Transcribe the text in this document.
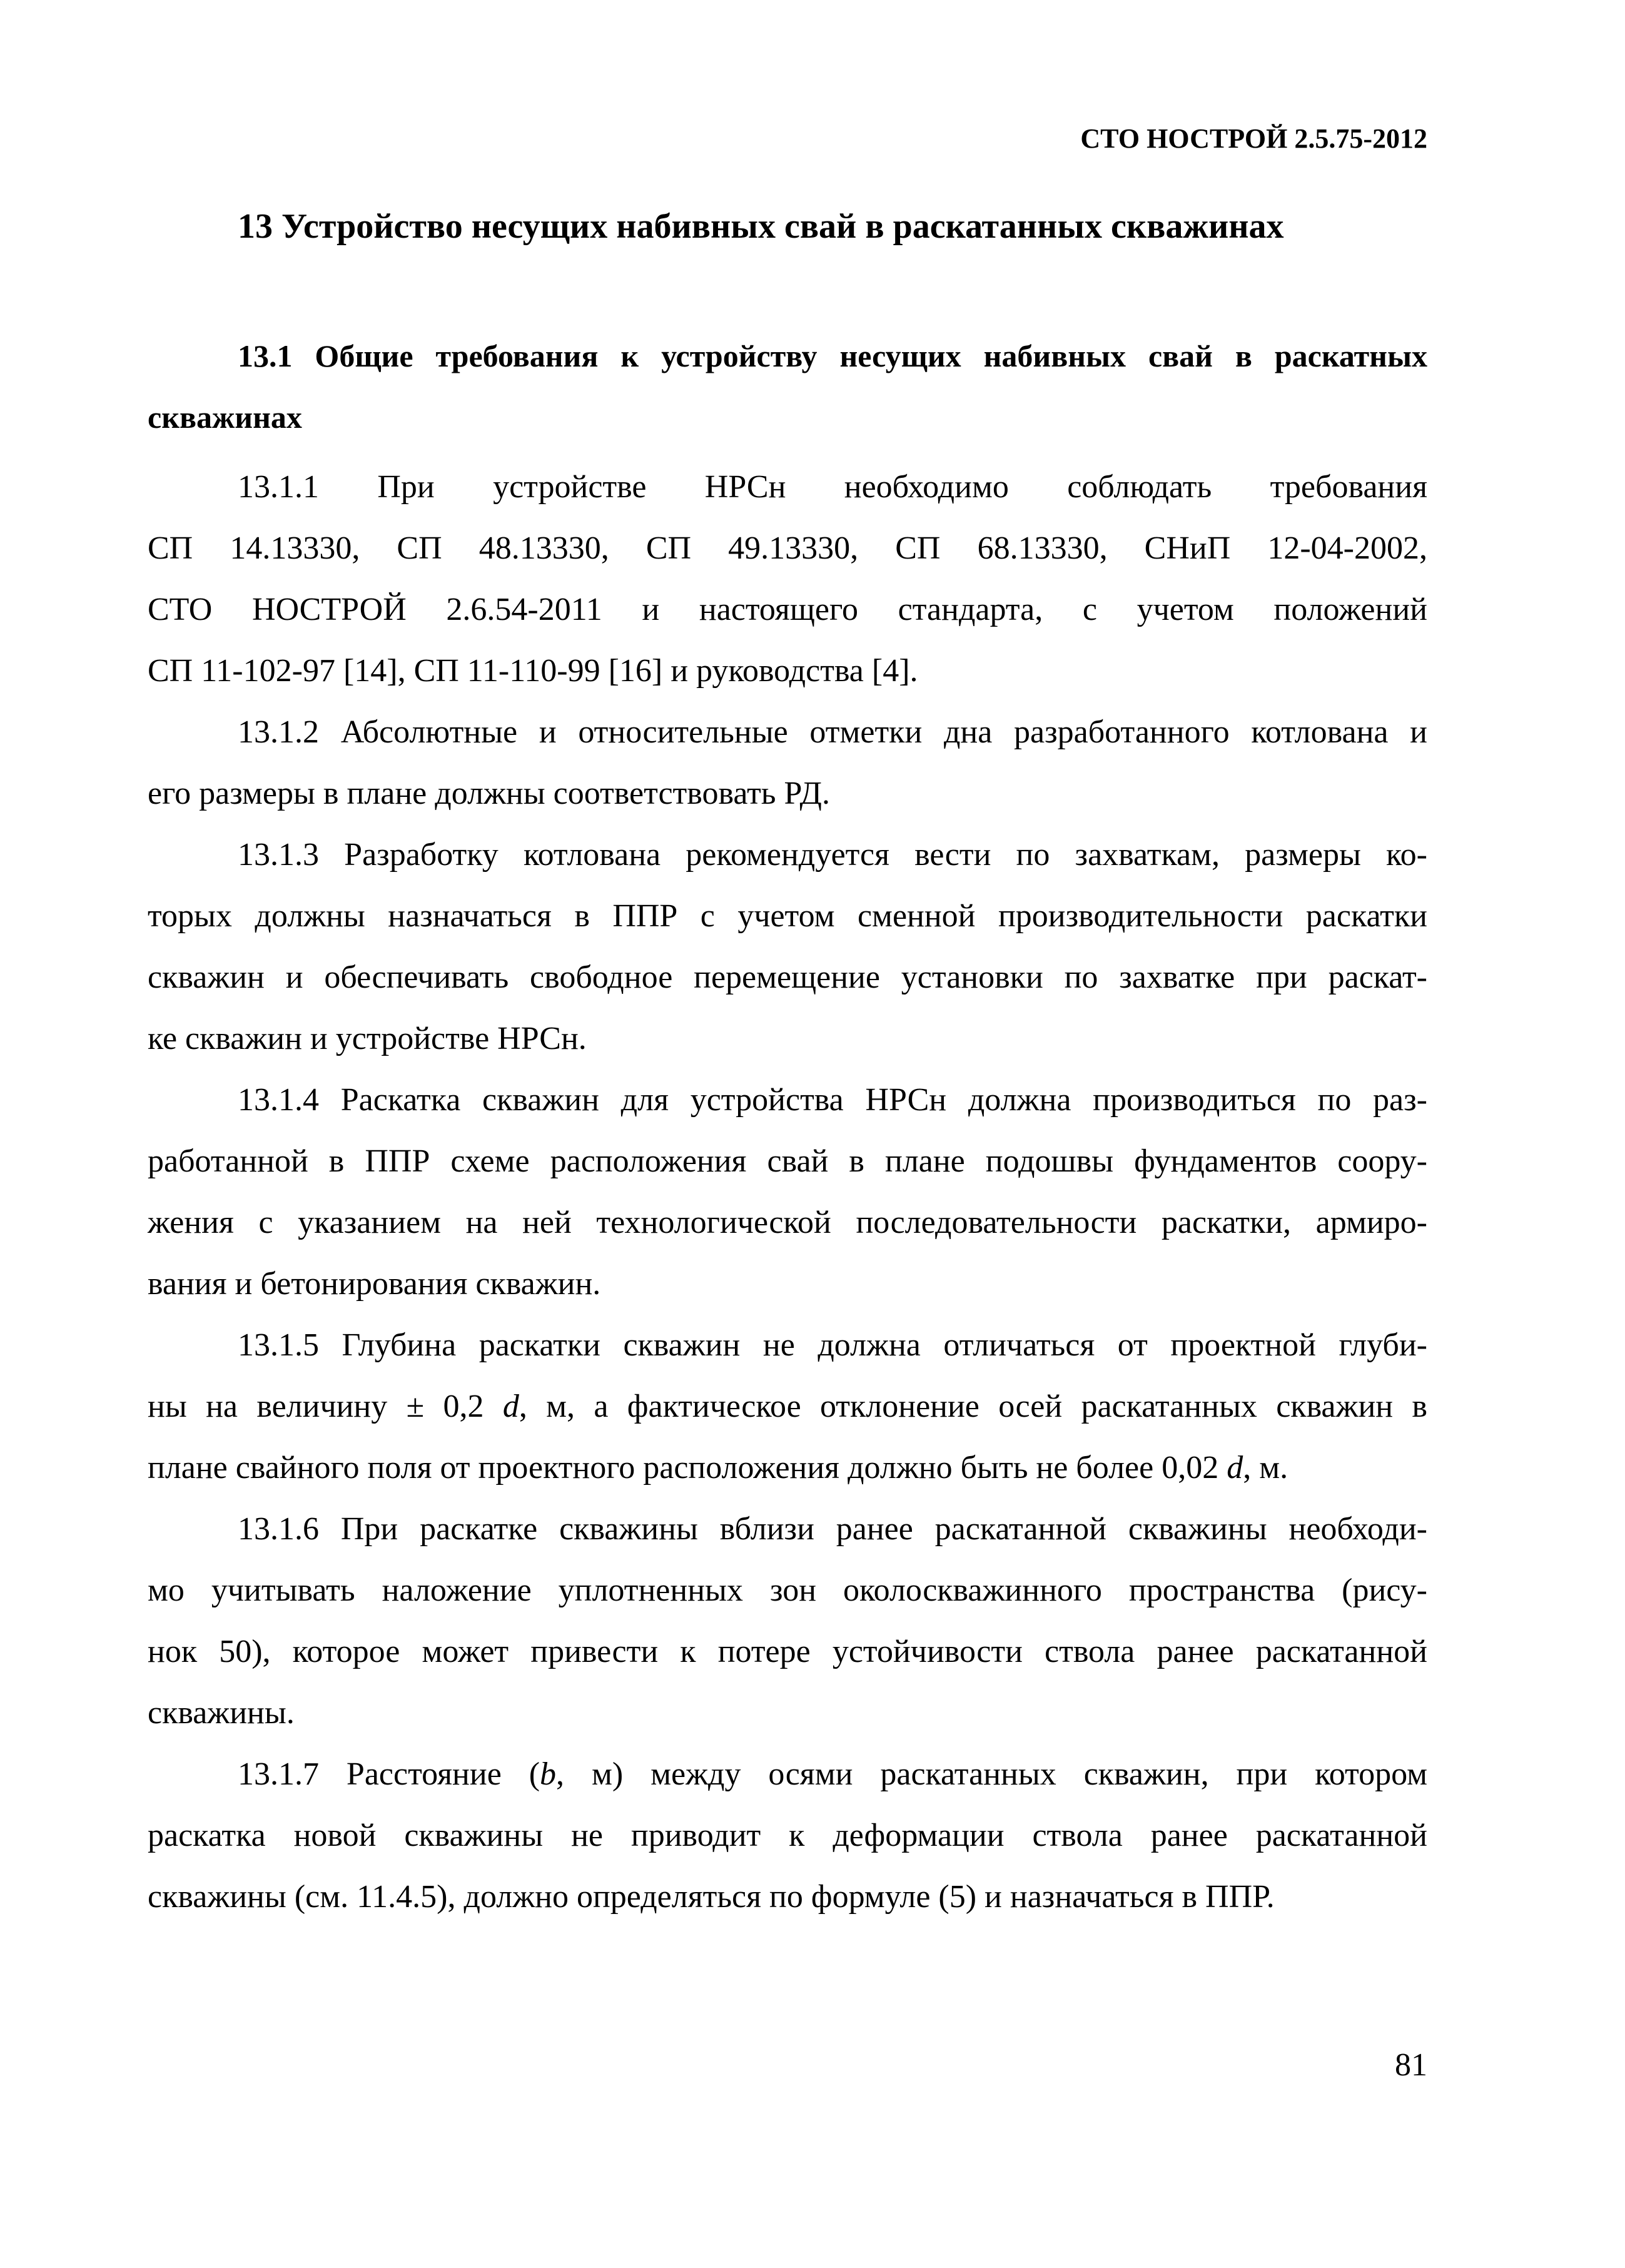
СТО НОСТРОЙ 2.5.75-2012
13 Устройство несущих набивных свай в раскатанных скважинах
13.1 Общие требования к устройству несущих набивных свай в раскатных
скважинах
13.1.1 При устройстве НРСн необходимо соблюдать требования
СП 14.13330, СП 48.13330, СП 49.13330, СП 68.13330, СНиП 12-04-2002,
СТО НОСТРОЙ 2.6.54-2011 и настоящего стандарта, с учетом положений
СП 11-102-97 [14], СП 11-110-99 [16] и руководства [4].
13.1.2 Абсолютные и относительные отметки дна разработанного котлована и
его размеры в плане должны соответствовать РД.
13.1.3 Разработку котлована рекомендуется вести по захваткам, размеры ко-
торых должны назначаться в ППР с учетом сменной производительности раскатки
скважин и обеспечивать свободное перемещение установки по захватке при раскат-
ке скважин и устройстве НРСн.
13.1.4 Раскатка скважин для устройства НРСн должна производиться по раз-
работанной в ППР схеме расположения свай в плане подошвы фундаментов соору-
жения с указанием на ней технологической последовательности раскатки, армиро-
вания и бетонирования скважин.
13.1.5 Глубина раскатки скважин не должна отличаться от проектной глуби-
ны на величину ± 0,2 d, м, а фактическое отклонение осей раскатанных скважин в
плане свайного поля от проектного расположения должно быть не более 0,02 d, м.
13.1.6 При раскатке скважины вблизи ранее раскатанной скважины необходи-
мо учитывать наложение уплотненных зон околоскважинного пространства (рису-
нок 50), которое может привести к потере устойчивости ствола ранее раскатанной
скважины.
13.1.7 Расстояние (b, м) между осями раскатанных скважин, при котором
раскатка новой скважины не приводит к деформации ствола ранее раскатанной
скважины (см. 11.4.5), должно определяться по формуле (5) и назначаться в ППР.
81
